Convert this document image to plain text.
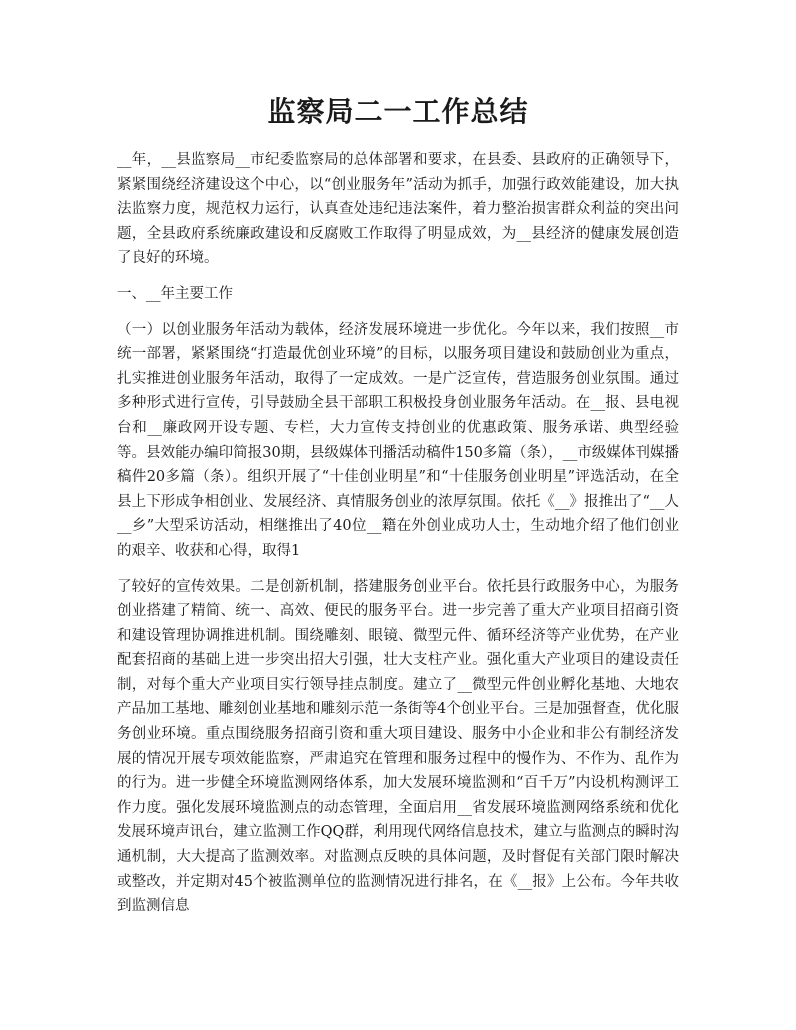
监察局二一工作总结

__年，__县监察局__市纪委监察局的总体部署和要求，在县委、县政府的正确领导下，紧紧围绕经济建设这个中心，以“创业服务年”活动为抓手，加强行政效能建设，加大执法监察力度，规范权力运行，认真查处违纪违法案件，着力整治损害群众利益的突出问题，全县政府系统廉政建设和反腐败工作取得了明显成效，为__县经济的健康发展创造了良好的环境。

一、__年主要工作

（一）以创业服务年活动为载体，经济发展环境进一步优化。今年以来，我们按照__市统一部署，紧紧围绕“打造最优创业环境”的目标，以服务项目建设和鼓励创业为重点，扎实推进创业服务年活动，取得了一定成效。一是广泛宣传，营造服务创业氛围。通过多种形式进行宣传，引导鼓励全县干部职工积极投身创业服务年活动。在__报、县电视台和__廉政网开设专题、专栏，大力宣传支持创业的优惠政策、服务承诺、典型经验等。县效能办编印简报30期，县级媒体刊播活动稿件150多篇（条），__市级媒体刊媒播稿件20多篇（条）。组织开展了“十佳创业明星”和“十佳服务创业明星”评选活动，在全县上下形成争相创业、发展经济、真情服务创业的浓厚氛围。依托《__》报推出了“__人__乡”大型采访活动，相继推出了40位__籍在外创业成功人士，生动地介绍了他们创业的艰辛、收获和心得，取得1

了较好的宣传效果。二是创新机制，搭建服务创业平台。依托县行政服务中心，为服务创业搭建了精简、统一、高效、便民的服务平台。进一步完善了重大产业项目招商引资和建设管理协调推进机制。围绕雕刻、眼镜、微型元件、循环经济等产业优势，在产业配套招商的基础上进一步突出招大引强，壮大支柱产业。强化重大产业项目的建设责任制，对每个重大产业项目实行领导挂点制度。建立了__微型元件创业孵化基地、大地农产品加工基地、雕刻创业基地和雕刻示范一条街等4个创业平台。三是加强督查，优化服务创业环境。重点围绕服务招商引资和重大项目建设、服务中小企业和非公有制经济发展的情况开展专项效能监察，严肃追究在管理和服务过程中的慢作为、不作为、乱作为的行为。进一步健全环境监测网络体系，加大发展环境监测和“百千万”内设机构测评工作力度。强化发展环境监测点的动态管理，全面启用__省发展环境监测网络系统和优化发展环境声讯台，建立监测工作QQ群，利用现代网络信息技术，建立与监测点的瞬时沟通机制，大大提高了监测效率。对监测点反映的具体问题，及时督促有关部门限时解决或整改，并定期对45个被监测单位的监测情况进行排名，在《__报》上公布。今年共收到监测信息
